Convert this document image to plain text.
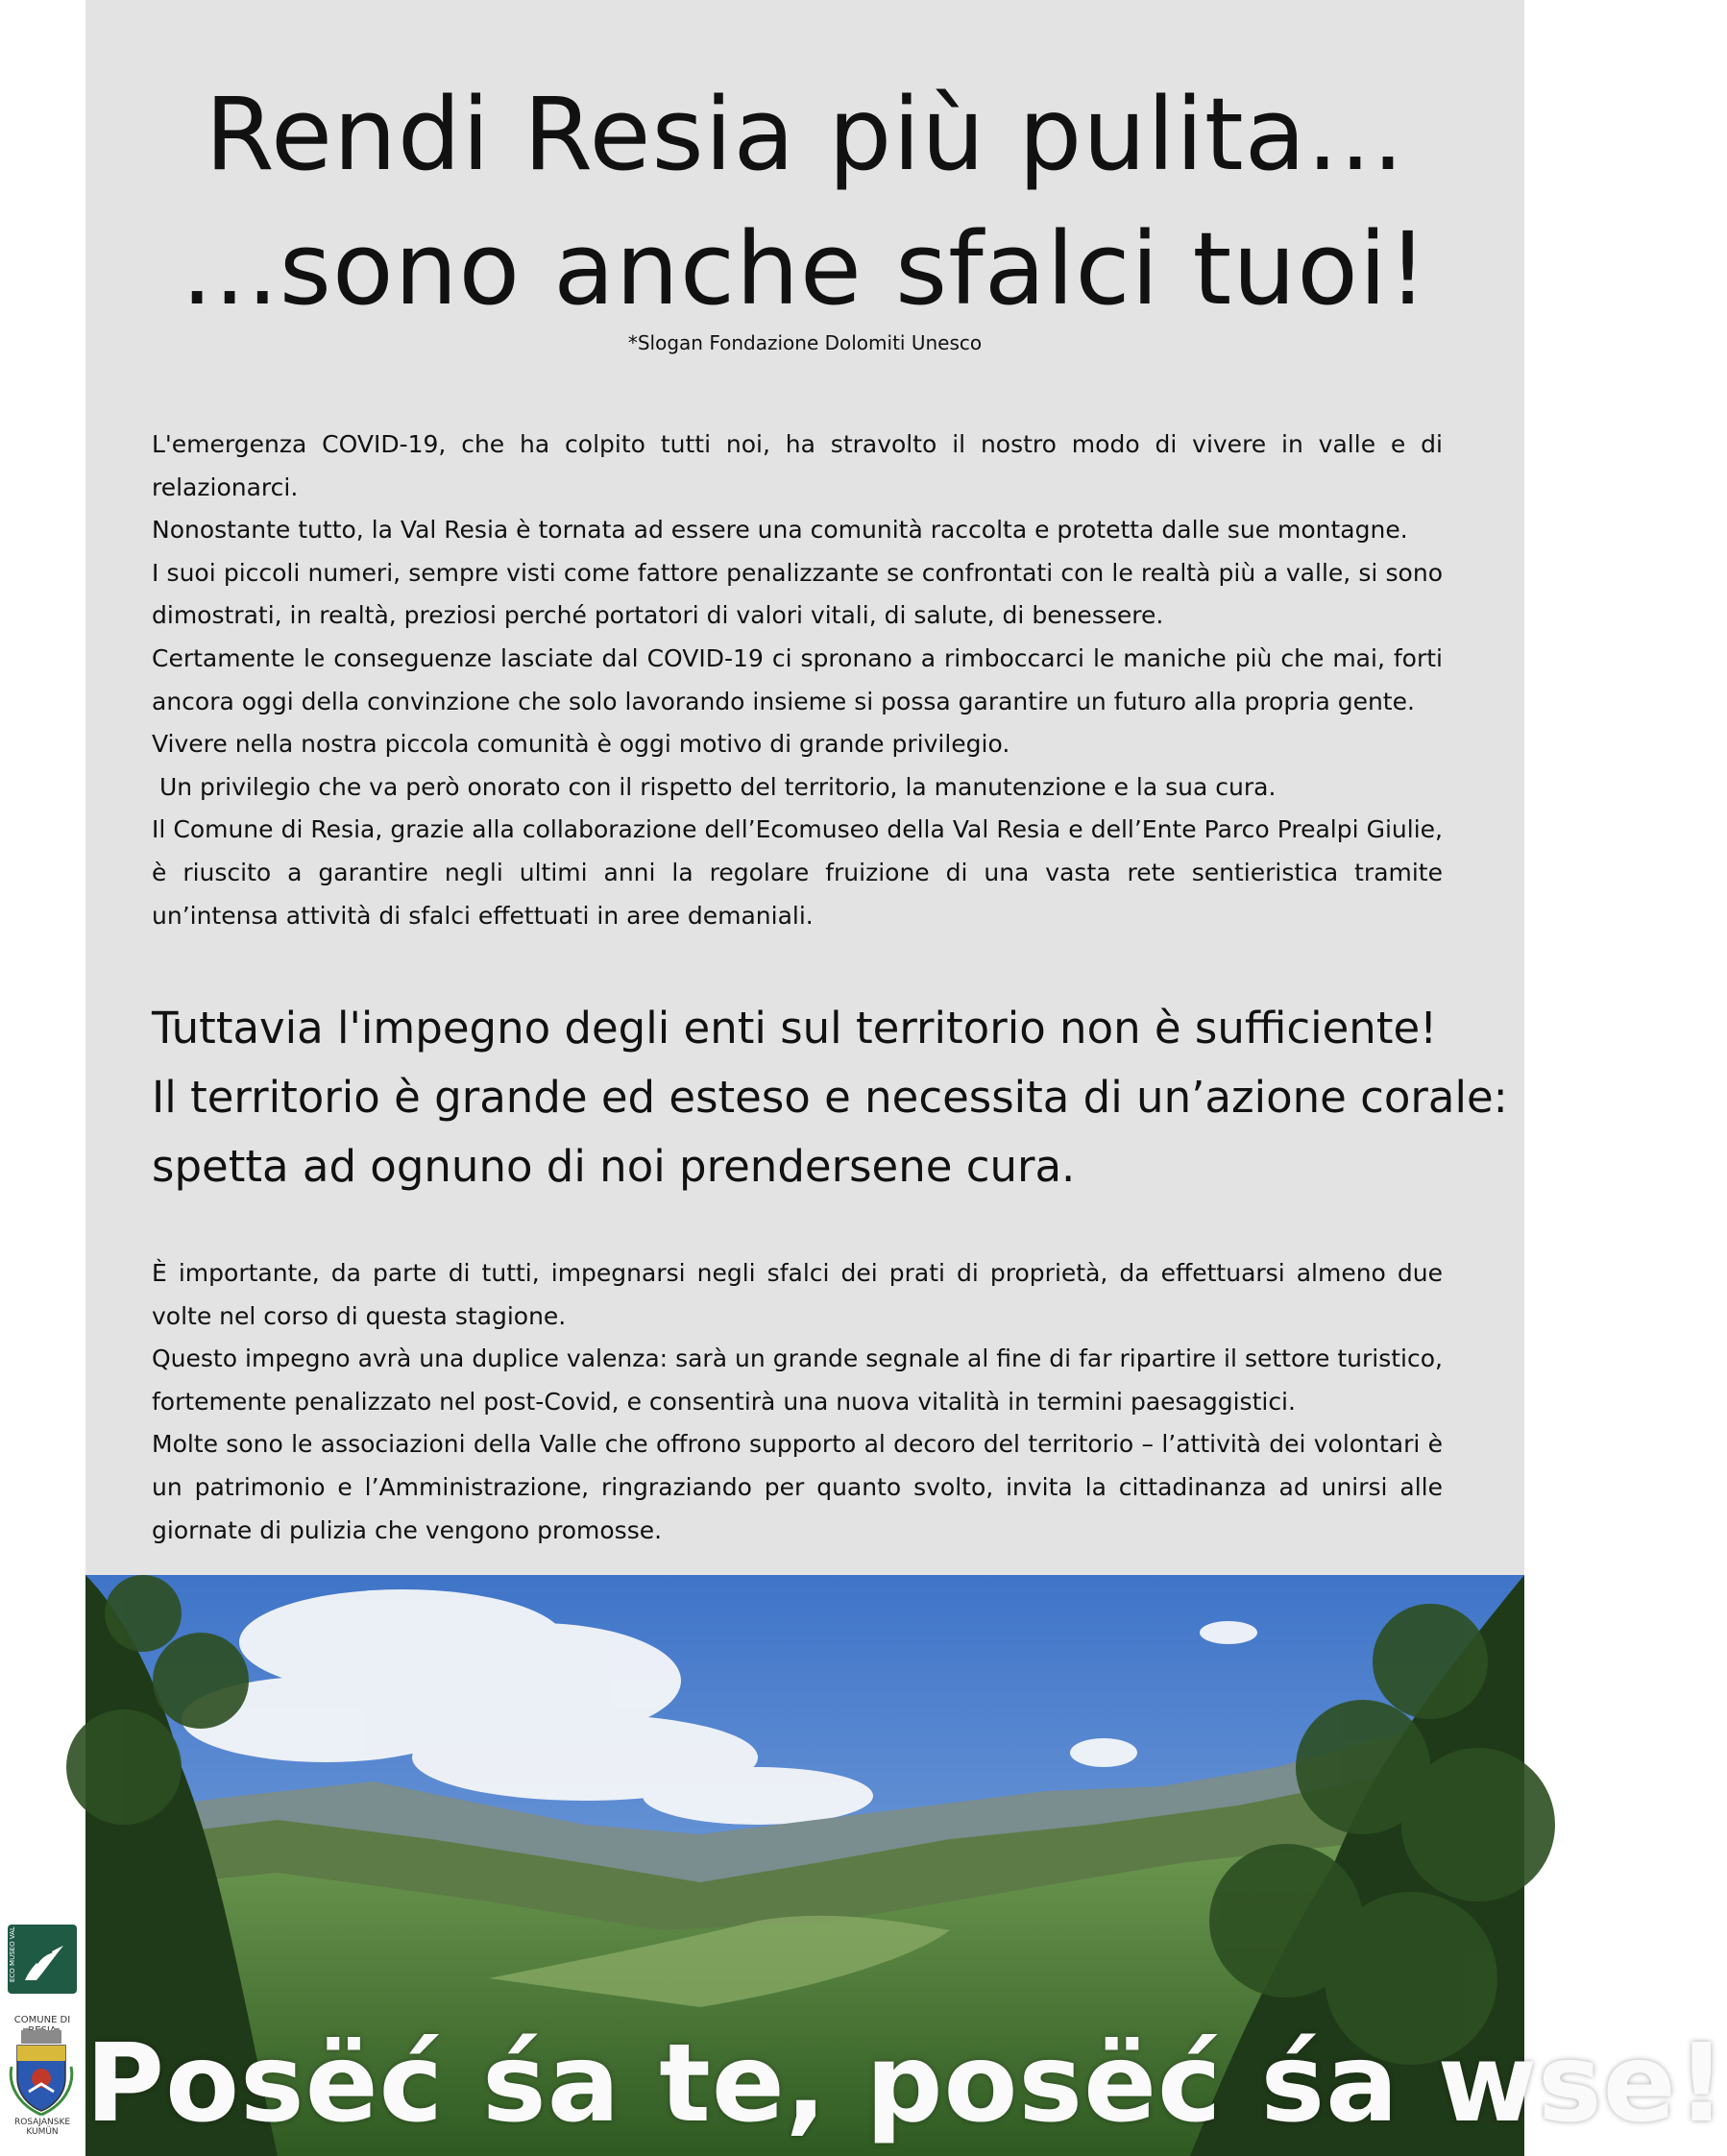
ECO MUSEO VAL RESIA
COMUNE DI
ROSAJANSKE KUMÜN
Rendi Resia più pulita...
...sono anche sfalci tuoi!
*Slogan Fondazione Dolomiti Unesco

L'emergenza COVID-19, che ha colpito tutti noi, ha stravolto il nostro modo di vivere in valle e di relazionarci.

Nonostante tutto, la Val Resia è tornata ad essere una comunità raccolta e protetta dalle sue montagne.

I suoi piccoli numeri, sempre visti come fattore penalizzante se confrontati con le realtà più a valle, si sono dimostrati, in realtà, preziosi perché portatori di valori vitali, di salute, di benessere.

Certamente le conseguenze lasciate dal COVID-19 ci spronano a rimboccarci le maniche più che mai, forti ancora oggi della convinzione che solo lavorando insieme si possa garantire un futuro alla propria gente.

Vivere nella nostra piccola comunità è oggi motivo di grande privilegio.

Un privilegio che va però onorato con il rispetto del territorio, la manutenzione e la sua cura.

Il Comune di Resia, grazie alla collaborazione dell’Ecomuseo della Val Resia e dell’Ente Parco Prealpi Giulie, è riuscito a garantire negli ultimi anni la regolare fruizione di una vasta rete sentieristica tramite un’intensa attività di sfalci effettuati in aree demaniali.

Tuttavia l'impegno degli enti sul territorio non è sufficiente!

Il territorio è grande ed esteso e necessita di un’azione corale:

spetta ad ognuno di noi prendersene cura.

È importante, da parte di tutti, impegnarsi negli sfalci dei prati di proprietà, da effettuarsi almeno due volte nel corso di questa stagione.

Questo impegno avrà una duplice valenza: sarà un grande segnale al fine di far ripartire il settore turistico, fortemente penalizzato nel post-Covid, e consentirà una nuova vitalità in termini paesaggistici.

Molte sono le associazioni della Valle che offrono supporto al decoro del territorio – l’attività dei volontari è un patrimonio e l’Amministrazione, ringraziando per quanto svolto, invita la cittadinanza ad unirsi alle giornate di pulizia che vengono promosse.

Posëć śa te, posëć śa wse!
